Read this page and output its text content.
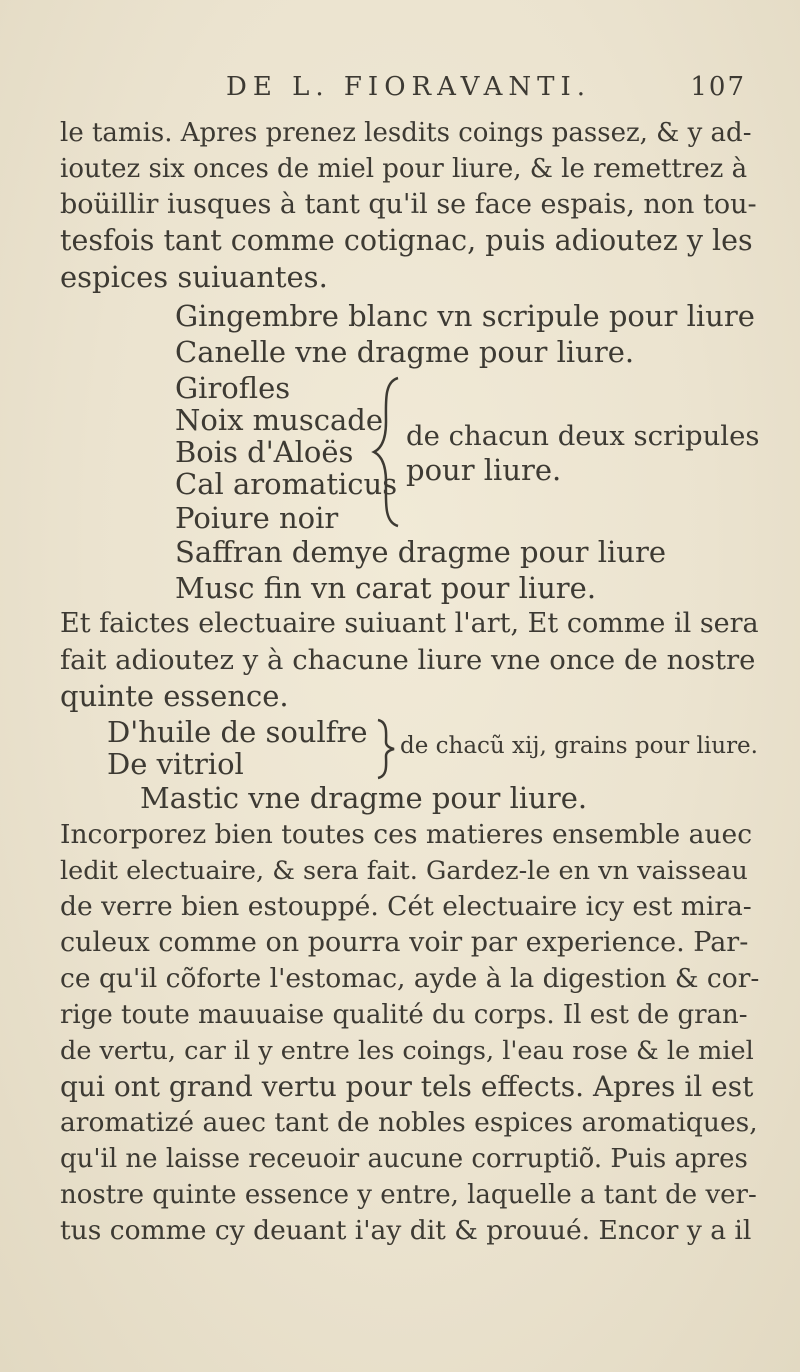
DE L. FIORAVANTI.	107
le tamis. Apres prenez lesdits coings passez, & y ad-
ioutez six onces de miel pour liure, & le remettrez à
boüillir iusques à tant qu'il se face espais, non tou-
tesfois tant comme cotignac, puis adioutez y les
espices suiuantes.
Gingembre blanc vn scripule pour liure
Canelle vne dragme pour liure.
Girofles
Noix muscade
Bois d'Aloës
Cal aromaticus
Poiure noir
de chacun deux scripules
pour liure.
Saffran demye dragme pour liure
Musc fin vn carat pour liure.
Et faictes electuaire suiuant l'art, Et comme il sera
fait adioutez y à chacune liure vne once de nostre
quinte essence.
D'huile de soulfre
De vitriol
de chacũ xij, grains pour liure.
Mastic vne dragme pour liure.
Incorporez bien toutes ces matieres ensemble auec
ledit electuaire, & sera fait. Gardez-le en vn vaisseau
de verre bien estouppé. Cét electuaire icy est mira-
culeux comme on pourra voir par experience. Par-
ce qu'il cõforte l'estomac, ayde à la digestion & cor-
rige toute mauuaise qualité du corps. Il est de gran-
de vertu, car il y entre les coings, l'eau rose & le miel
qui ont grand vertu pour tels effects. Apres il est
aromatizé auec tant de nobles espices aromatiques,
qu'il ne laisse receuoir aucune corruptiõ. Puis apres
nostre quinte essence y entre, laquelle a tant de ver-
tus comme cy deuant i'ay dit & prouué. Encor y a il
